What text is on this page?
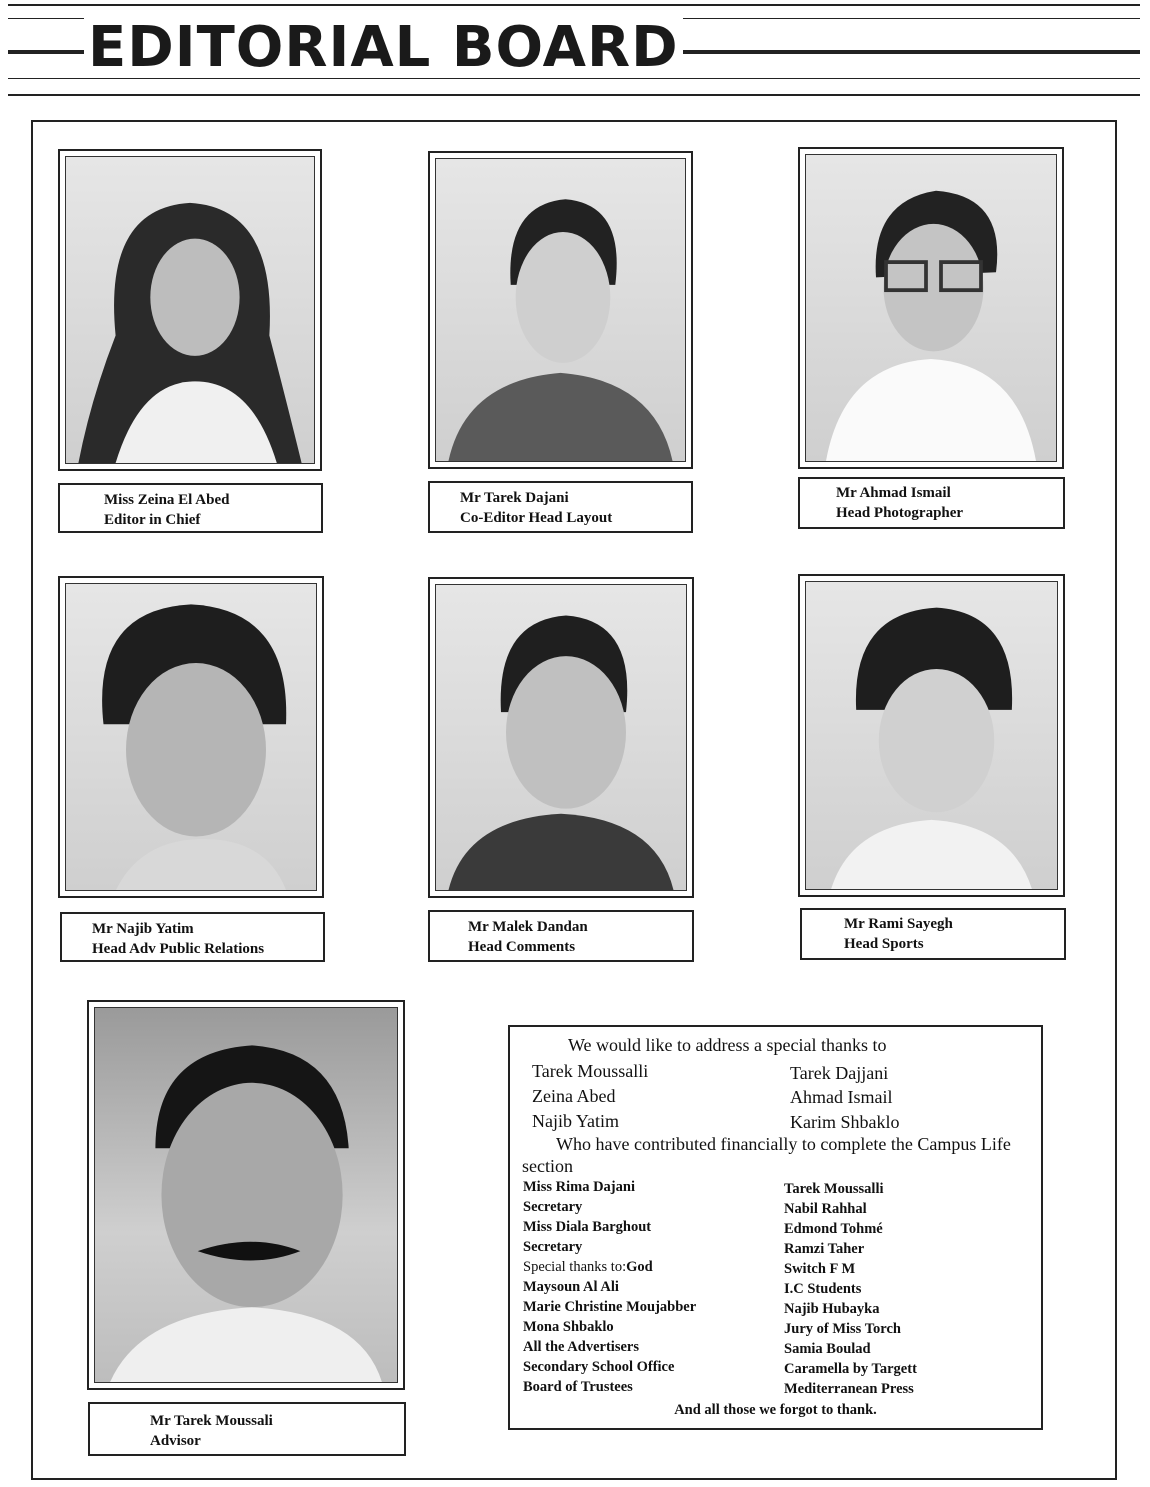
EDITORIAL BOARD
Miss Zeina El Abed
Editor in Chief
Mr Tarek Dajani
Co-Editor Head Layout
Mr Ahmad Ismail
Head Photographer
Mr Najib Yatim
Head Adv Public Relations
Mr Malek Dandan
Head Comments
Mr Rami Sayegh
Head Sports
Mr Tarek Moussali
Advisor
We would like to address a special thanks to
Tarek Moussalli	Tarek Dajjani
Zeina Abed	Ahmad Ismail
Najib Yatim	Karim Shbaklo
Who have contributed financially to complete the Campus Life section
Miss Rima Dajani
Secretary
Miss Diala Barghout
Secretary
Special thanks to:God
Maysoun Al Ali
Marie Christine Moujabber
Mona Shbaklo
All the Advertisers
Secondary School Office
Board of Trustees
Tarek Moussalli
Nabil Rahhal
Edmond Tohmé
Ramzi Taher
Switch F M
I.C Students
Najib Hubayka
Jury of Miss Torch
Samia Boulad
Caramella by Targett
Mediterranean Press
And all those we forgot to thank.
